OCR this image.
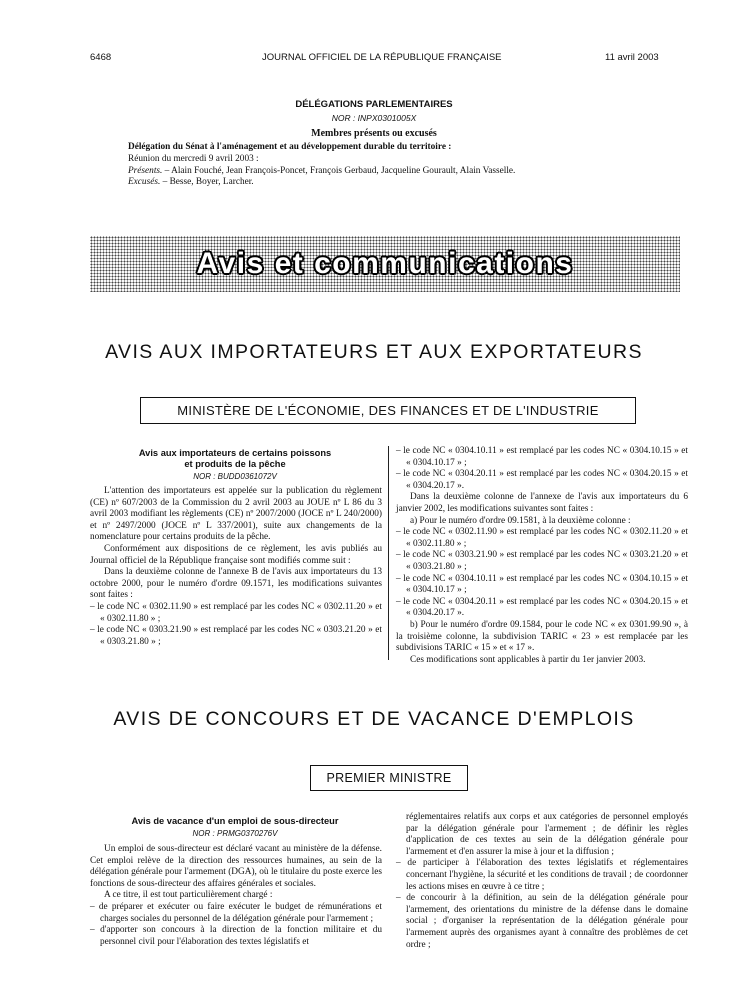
6468	JOURNAL OFFICIEL DE LA RÉPUBLIQUE FRANÇAISE	11 avril 2003
DÉLÉGATIONS PARLEMENTAIRES
NOR : INPX0301005X
Membres présents ou excusés
Délégation du Sénat à l'aménagement et au développement durable du territoire :
Réunion du mercredi 9 avril 2003 :
Présents. – Alain Fouché, Jean François-Poncet, François Gerbaud, Jacqueline Gourault, Alain Vasselle.
Excusés. – Besse, Boyer, Larcher.
Avis et communications
AVIS AUX IMPORTATEURS ET AUX EXPORTATEURS
MINISTÈRE DE L'ÉCONOMIE, DES FINANCES ET DE L'INDUSTRIE
Avis aux importateurs de certains poissons
et produits de la pêche
NOR : BUDD0361072V

L'attention des importateurs est appelée sur la publication du règlement (CE) nº 607/2003 de la Commission du 2 avril 2003 au JOUE nº L 86 du 3 avril 2003 modifiant les règlements (CE) nº 2007/2000 (JOCE nº L 240/2000) et nº 2497/2000 (JOCE nº L 337/2001), suite aux changements de la nomenclature pour certains produits de la pêche.

Conformément aux dispositions de ce règlement, les avis publiés au Journal officiel de la République française sont modifiés comme suit :

Dans la deuxième colonne de l'annexe B de l'avis aux importateurs du 13 octobre 2000, pour le numéro d'ordre 09.1571, les modifications suivantes sont faites :

– le code NC « 0302.11.90 » est remplacé par les codes NC « 0302.11.20 » et « 0302.11.80 » ;

– le code NC « 0303.21.90 » est remplacé par les codes NC « 0303.21.20 » et « 0303.21.80 » ;

– le code NC « 0304.10.11 » est remplacé par les codes NC « 0304.10.15 » et « 0304.10.17 » ;

– le code NC « 0304.20.11 » est remplacé par les codes NC « 0304.20.15 » et « 0304.20.17 ».

Dans la deuxième colonne de l'annexe de l'avis aux importateurs du 6 janvier 2002, les modifications suivantes sont faites :

a) Pour le numéro d'ordre 09.1581, à la deuxième colonne :

– le code NC « 0302.11.90 » est remplacé par les codes NC « 0302.11.20 » et « 0302.11.80 » ;

– le code NC « 0303.21.90 » est remplacé par les codes NC « 0303.21.20 » et « 0303.21.80 » ;

– le code NC « 0304.10.11 » est remplacé par les codes NC « 0304.10.15 » et « 0304.10.17 » ;

– le code NC « 0304.20.11 » est remplacé par les codes NC « 0304.20.15 » et « 0304.20.17 ».

b) Pour le numéro d'ordre 09.1584, pour le code NC « ex 0301.99.90 », à la troisième colonne, la subdivision TARIC « 23 » est remplacée par les subdivisions TARIC « 15 » et « 17 ».

Ces modifications sont applicables à partir du 1er janvier 2003.

AVIS DE CONCOURS ET DE VACANCE D'EMPLOIS
PREMIER MINISTRE
Avis de vacance d'un emploi de sous-directeur
NOR : PRMG0370276V

Un emploi de sous-directeur est déclaré vacant au ministère de la défense. Cet emploi relève de la direction des ressources humaines, au sein de la délégation générale pour l'armement (DGA), où le titulaire du poste exerce les fonctions de sous-directeur des affaires générales et sociales.

A ce titre, il est tout particulièrement chargé :

– de préparer et exécuter ou faire exécuter le budget de rémunérations et charges sociales du personnel de la délégation générale pour l'armement ;

– d'apporter son concours à la direction de la fonction militaire et du personnel civil pour l'élaboration des textes législatifs et

réglementaires relatifs aux corps et aux catégories de personnel employés par la délégation générale pour l'armement ; de définir les règles d'application de ces textes au sein de la délégation générale pour l'armement et d'en assurer la mise à jour et la diffusion ;

– de participer à l'élaboration des textes législatifs et réglementaires concernant l'hygiène, la sécurité et les conditions de travail ; de coordonner les actions mises en œuvre à ce titre ;

– de concourir à la définition, au sein de la délégation générale pour l'armement, des orientations du ministre de la défense dans le domaine social ; d'organiser la représentation de la délégation générale pour l'armement auprès des organismes ayant à connaître des problèmes de cet ordre ;
